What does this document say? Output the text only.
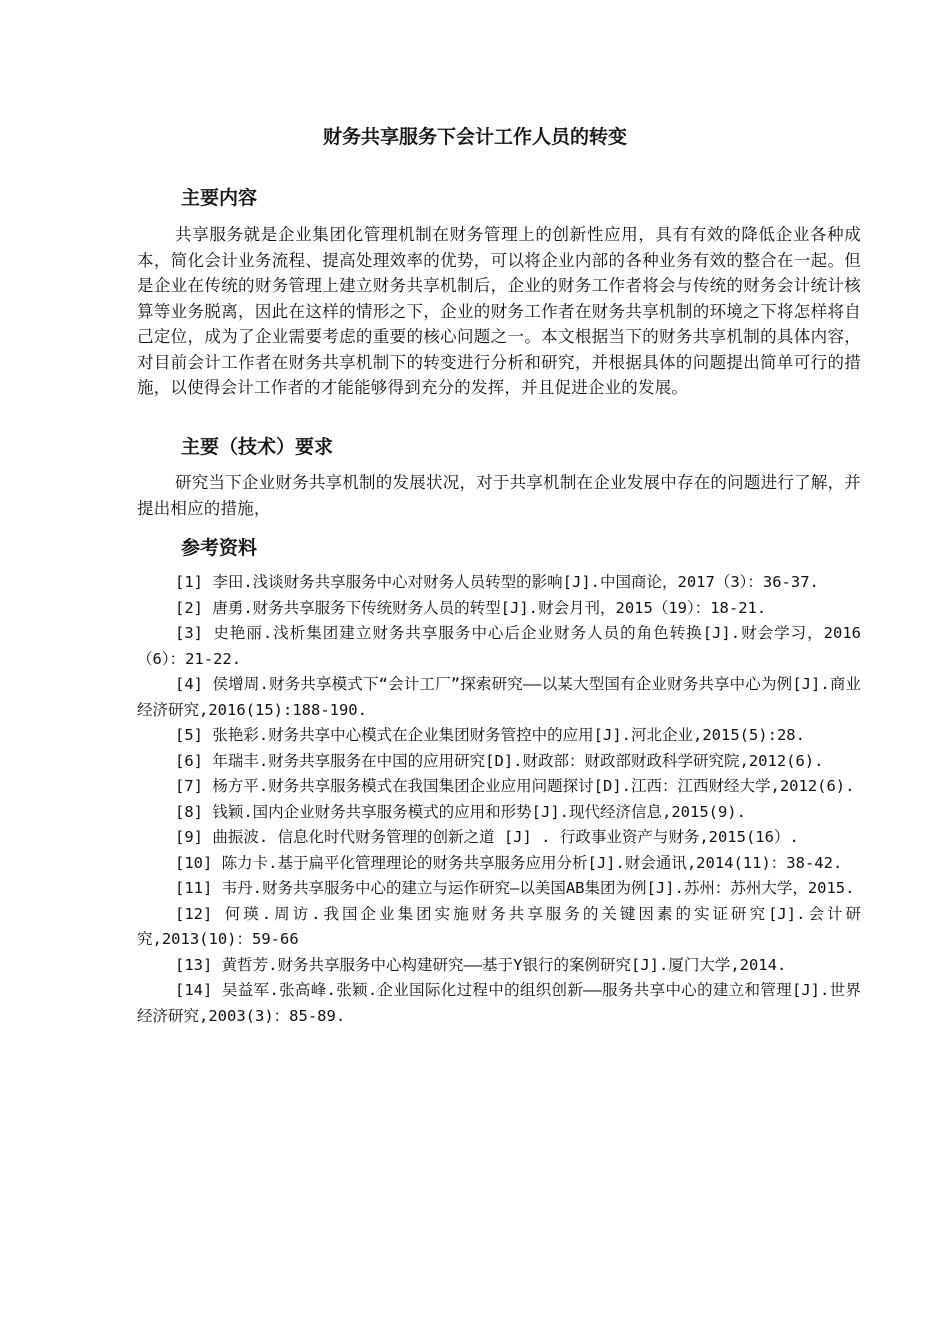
财务共享服务下会计工作人员的转变
主要内容

共享服务就是企业集团化管理机制在财务管理上的创新性应用，具有有效的降低企业各种成本，简化会计业务流程、提高处理效率的优势，可以将企业内部的各种业务有效的整合在一起。但是企业在传统的财务管理上建立财务共享机制后，企业的财务工作者将会与传统的财务会计统计核算等业务脱离，因此在这样的情形之下，企业的财务工作者在财务共享机制的环境之下将怎样将自己定位，成为了企业需要考虑的重要的核心问题之一。本文根据当下的财务共享机制的具体内容，对目前会计工作者在财务共享机制下的转变进行分析和研究，并根据具体的问题提出简单可行的措施，以使得会计工作者的才能能够得到充分的发挥，并且促进企业的发展。

主要（技术）要求

研究当下企业财务共享机制的发展状况，对于共享机制在企业发展中存在的问题进行了解，并提出相应的措施，

参考资料
[1] 李田.浅谈财务共享服务中心对财务人员转型的影响[J].中国商论，2017（3）：36-37.
[2] 唐勇.财务共享服务下传统财务人员的转型[J].财会月刊，2015（19）：18-21.
[3] 史艳丽.浅析集团建立财务共享服务中心后企业财务人员的角色转换[J].财会学习，2016（6）：21-22.
[4] 侯增周.财务共享模式下“会计工厂”探索研究——以某大型国有企业财务共享中心为例[J].商业经济研究,2016(15):188-190.
[5] 张艳彩.财务共享中心模式在企业集团财务管控中的应用[J].河北企业,2015(5):28.
[6] 年瑞丰.财务共享服务在中国的应用研究[D].财政部：财政部财政科学研究院,2012(6).
[7] 杨方平.财务共享服务模式在我国集团企业应用问题探讨[D].江西：江西财经大学,2012(6).
[8] 钱颖.国内企业财务共享服务模式的应用和形势[J].现代经济信息,2015(9).
[9] 曲振波. 信息化时代财务管理的创新之道 [J] . 行政事业资产与财务,2015(16）.
[10] 陈力卡.基于扁平化管理理论的财务共享服务应用分析[J].财会通讯,2014(11)：38-42.
[11] 韦丹.财务共享服务中心的建立与运作研究—以美国AB集团为例[J].苏州：苏州大学，2015.
[12] 何瑛.周访.我国企业集团实施财务共享服务的关键因素的实证研究[J].会计研究,2013(10)：59-66
[13] 黄哲芳.财务共享服务中心构建研究——基于Y银行的案例研究[J].厦门大学,2014.
[14] 吴益军.张高峰.张颖.企业国际化过程中的组织创新——服务共享中心的建立和管理[J].世界经济研究,2003(3)：85-89.
